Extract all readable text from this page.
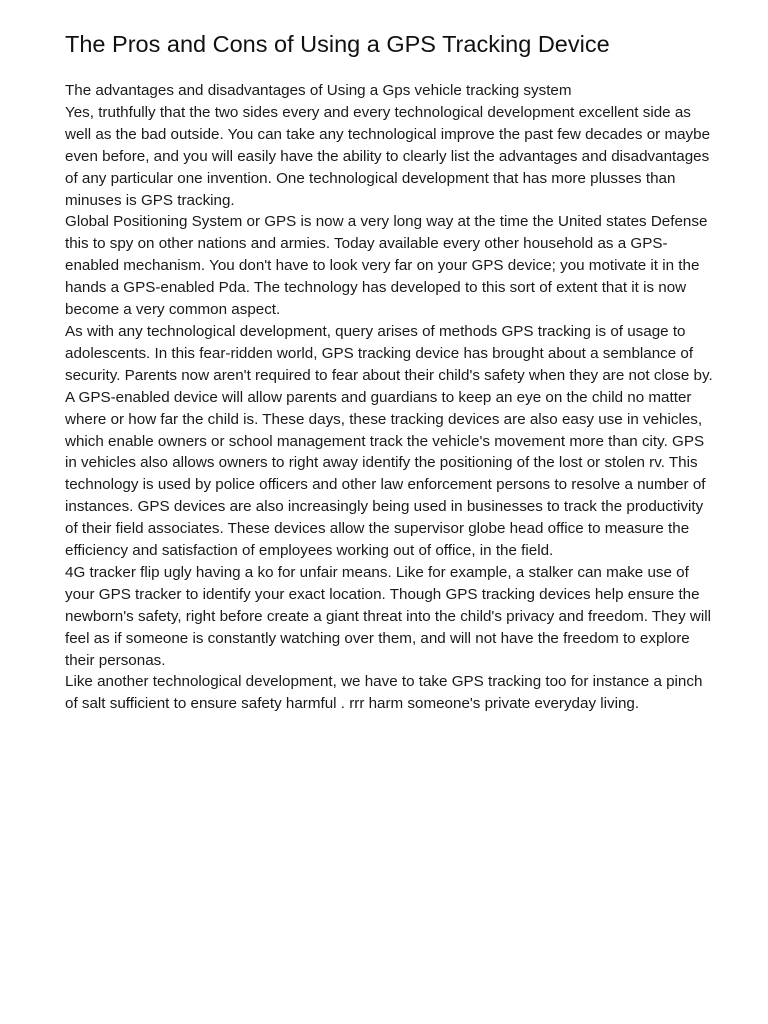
The Pros and Cons of Using a GPS Tracking Device

The advantages and disadvantages of Using a Gps vehicle tracking system

Yes, truthfully that the two sides every and every technological development excellent side as well as the bad outside. You can take any technological improve the past few decades or maybe even before, and you will easily have the ability to clearly list the advantages and disadvantages of any particular one invention. One technological development that has more plusses than minuses is GPS tracking.

Global Positioning System or GPS is now a very long way at the time the United states Defense this to spy on other nations and armies. Today available every other household as a GPS-enabled mechanism. You don't have to look very far on your GPS device; you motivate it in the hands a GPS-enabled Pda. The technology has developed to this sort of extent that it is now become a very common aspect.

As with any technological development, query arises of methods GPS tracking is of usage to adolescents. In this fear-ridden world, GPS tracking device has brought about a semblance of security. Parents now aren't required to fear about their child's safety when they are not close by. A GPS-enabled device will allow parents and guardians to keep an eye on the child no matter where or how far the child is. These days, these tracking devices are also easy use in vehicles, which enable owners or school management track the vehicle's movement more than city. GPS in vehicles also allows owners to right away identify the positioning of the lost or stolen rv. This technology is used by police officers and other law enforcement persons to resolve a number of instances. GPS devices are also increasingly being used in businesses to track the productivity of their field associates. These devices allow the supervisor globe head office to measure the efficiency and satisfaction of employees working out of office, in the field.

4G tracker flip ugly having a ko for unfair means. Like for example, a stalker can make use of your GPS tracker to identify your exact location. Though GPS tracking devices help ensure the newborn's safety, right before create a giant threat into the child's privacy and freedom. They will feel as if someone is constantly watching over them, and will not have the freedom to explore their personas.

Like another technological development, we have to take GPS tracking too for instance a pinch of salt sufficient to ensure safety harmful . rrr harm someone's private everyday living.
